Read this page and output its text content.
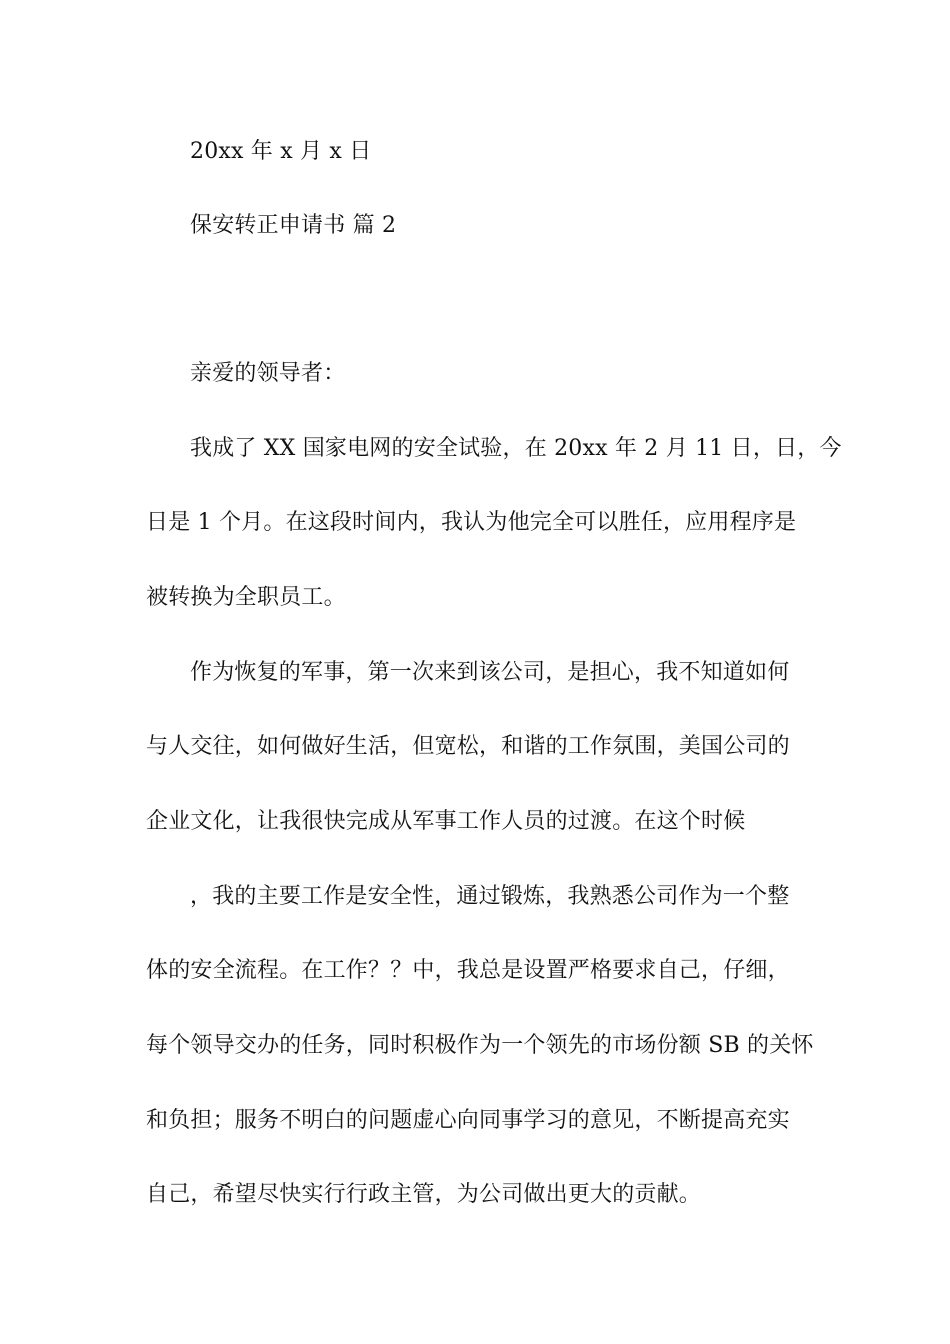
20xx 年 x 月 x 日
保安转正申请书 篇 2
亲爱的领导者：
我成了 XX 国家电网的安全试验，在 20xx 年 2 月 11 日，日，今
日是 1 个月。在这段时间内，我认为他完全可以胜任，应用程序是
被转换为全职员工。
作为恢复的军事，第一次来到该公司，是担心，我不知道如何
与人交往，如何做好生活，但宽松，和谐的工作氛围，美国公司的
企业文化，让我很快完成从军事工作人员的过渡。在这个时候
，我的主要工作是安全性，通过锻炼，我熟悉公司作为一个整
体的安全流程。在工作？？中，我总是设置严格要求自己，仔细，
每个领导交办的任务，同时积极作为一个领先的市场份额 SB 的关怀
和负担；服务不明白的问题虚心向同事学习的意见，不断提高充实
自己，希望尽快实行行政主管，为公司做出更大的贡献。
